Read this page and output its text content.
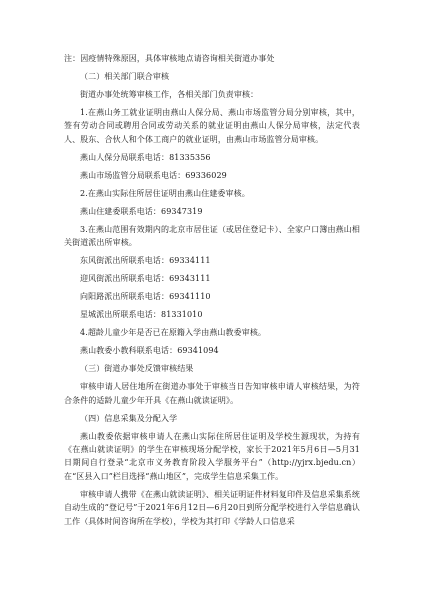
注：因疫情特殊原因，具体审核地点请咨询相关街道办事处

（二）相关部门联合审核

街道办事处统筹审核工作，各相关部门负责审核：

1.在燕山务工就业证明由燕山人保分局、燕山市场监管分局分别审核，其中，签有劳动合同或聘用合同或劳动关系的就业证明由燕山人保分局审核，法定代表人、股东、合伙人和个体工商户的就业证明，由燕山市场监管分局审核。

燕山人保分局联系电话：81335356

燕山市场监管分局联系电话：69336029

2.在燕山实际住所居住证明由燕山住建委审核。

燕山住建委联系电话：69347319

3.在燕山范围有效期内的北京市居住证（或居住登记卡）、全家户口簿由燕山相关街道派出所审核。

东风街派出所联系电话：69334111

迎风街派出所联系电话：69343111

向阳路派出所联系电话：69341110

星城派出所联系电话：81331010

4.超龄儿童少年是否已在原籍入学由燕山教委审核。

燕山教委小教科联系电话：69341094

（三）街道办事处反馈审核结果

审核申请人居住地所在街道办事处于审核当日告知审核申请人审核结果，为符合条件的适龄儿童少年开具《在燕山就读证明》。

（四）信息采集及分配入学

燕山教委依据审核申请人在燕山实际住所居住证明及学校生源现状，为持有《在燕山就读证明》的学生在审核现场分配学校，家长于2021年5月6日—5月31日期间自行登录“北京市义务教育阶段入学服务平台”（http://yjrx.bjedu.cn）在“区县入口”栏目选择“燕山地区”，完成学生信息采集工作。

审核申请人携带《在燕山就读证明》、相关证明证件材料复印件及信息采集系统自动生成的“登记号”于2021年6月12日—6月20日到所分配学校进行入学信息确认工作（具体时间咨询所在学校），学校为其打印《学龄人口信息采
